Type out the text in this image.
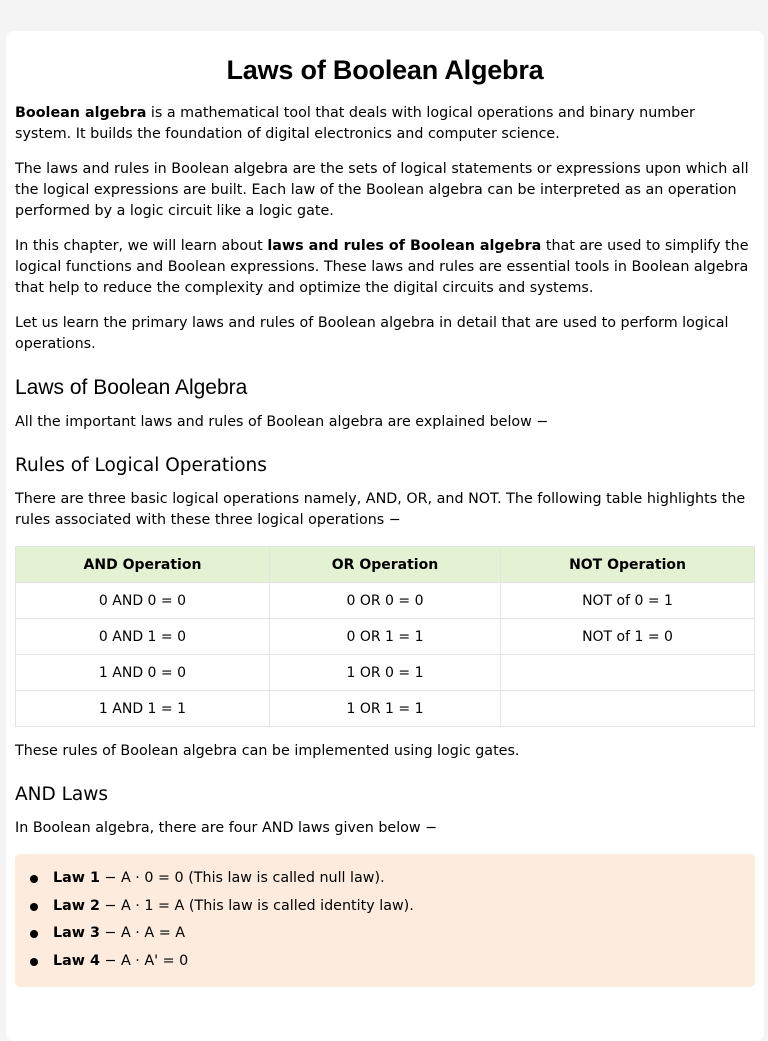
Laws of Boolean Algebra

Boolean algebra is a mathematical tool that deals with logical operations and binary number system. It builds the foundation of digital electronics and computer science.

The laws and rules in Boolean algebra are the sets of logical statements or expressions upon which all the logical expressions are built. Each law of the Boolean algebra can be interpreted as an operation performed by a logic circuit like a logic gate.

In this chapter, we will learn about laws and rules of Boolean algebra that are used to simplify the logical functions and Boolean expressions. These laws and rules are essential tools in Boolean algebra that help to reduce the complexity and optimize the digital circuits and systems.

Let us learn the primary laws and rules of Boolean algebra in detail that are used to perform logical operations.

Laws of Boolean Algebra

All the important laws and rules of Boolean algebra are explained below −

Rules of Logical Operations

There are three basic logical operations namely, AND, OR, and NOT. The following table highlights the rules associated with these three logical operations −

AND Operation	OR Operation	NOT Operation
0 AND 0 = 0	0 OR 0 = 0	NOT of 0 = 1
0 AND 1 = 0	0 OR 1 = 1	NOT of 1 = 0
1 AND 0 = 0	1 OR 0 = 1	
1 AND 1 = 1	1 OR 1 = 1	

These rules of Boolean algebra can be implemented using logic gates.

AND Laws

In Boolean algebra, there are four AND laws given below −

Law 1 − A · 0 = 0 (This law is called null law).
Law 2 − A · 1 = A (This law is called identity law).
Law 3 − A · A = A
Law 4 − A · A' = 0
